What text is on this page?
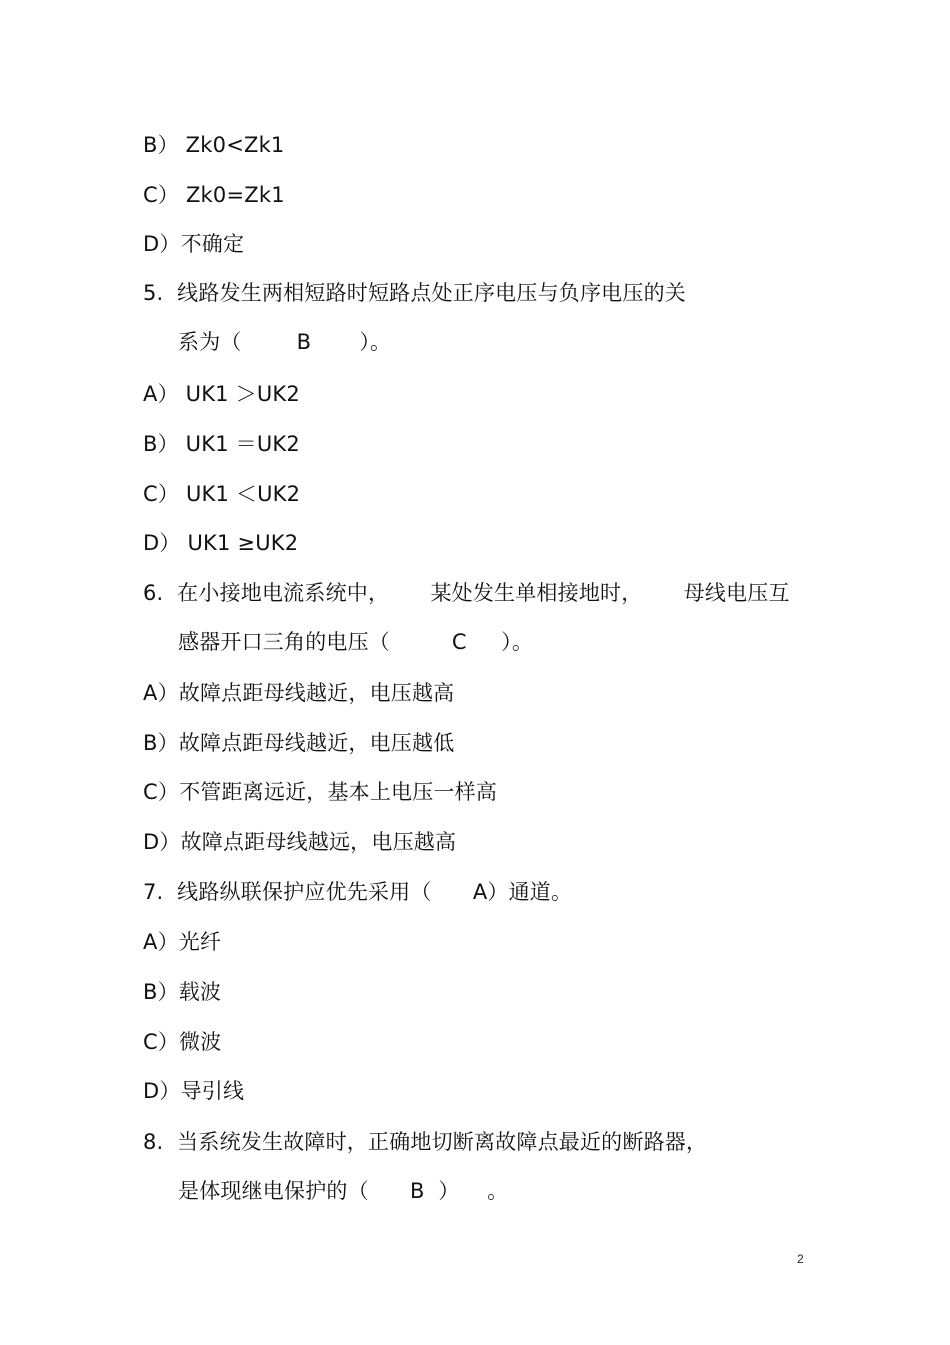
B） Zk0<Zk1
C） Zk0=Zk1
D）不确定
5.  线路发生两相短路时短路点处正序电压与负序电压的关
系为（        B       ）。
A） UK1 ＞UK2
B） UK1 ＝UK2
C） UK1 ＜UK2
D） UK1 ≥UK2
6.  在小接地电流系统中，      某处发生单相接地时，      母线电压互
感器开口三角的电压（         C     ）。
A）故障点距母线越近，电压越高
B）故障点距母线越近，电压越低
C）不管距离远近，基本上电压一样高
D）故障点距母线越远，电压越高
7.  线路纵联保护应优先采用（      A）通道。
A）光纤
B）载波
C）微波
D）导引线
8.  当系统发生故障时，正确地切断离故障点最近的断路器，
是体现继电保护的（      B  ）    。
2
